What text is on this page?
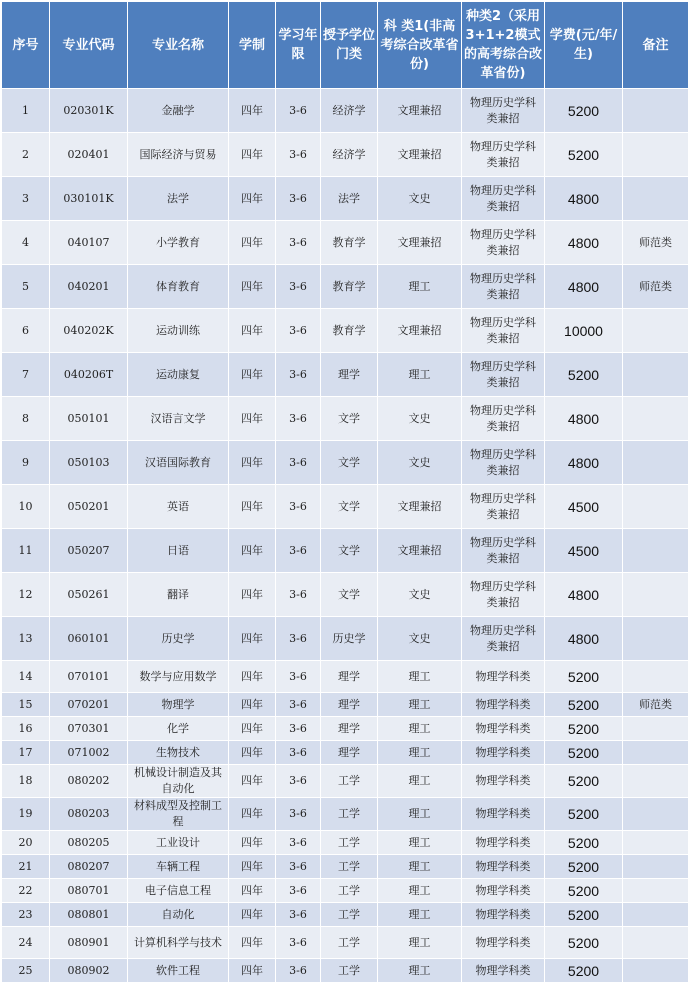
序号	专业代码	专业名称	学制	学习年限	授予学位门类	科 类1(非高考综合改革省份)	种类2（采用3+1+2模式的高考综合改革省份)	学费(元/年/生)	备注
1	020301K	金融学	四年	3-6	经济学	文理兼招	物理历史学科类兼招	5200	
2	020401	国际经济与贸易	四年	3-6	经济学	文理兼招	物理历史学科类兼招	5200	
3	030101K	法学	四年	3-6	法学	文史	物理历史学科类兼招	4800	
4	040107	小学教育	四年	3-6	教育学	文理兼招	物理历史学科类兼招	4800	师范类
5	040201	体育教育	四年	3-6	教育学	理工	物理历史学科类兼招	4800	师范类
6	040202K	运动训练	四年	3-6	教育学	文理兼招	物理历史学科类兼招	10000	
7	040206T	运动康复	四年	3-6	理学	理工	物理历史学科类兼招	5200	
8	050101	汉语言文学	四年	3-6	文学	文史	物理历史学科类兼招	4800	
9	050103	汉语国际教育	四年	3-6	文学	文史	物理历史学科类兼招	4800	
10	050201	英语	四年	3-6	文学	文理兼招	物理历史学科类兼招	4500	
11	050207	日语	四年	3-6	文学	文理兼招	物理历史学科类兼招	4500	
12	050261	翻译	四年	3-6	文学	文史	物理历史学科类兼招	4800	
13	060101	历史学	四年	3-6	历史学	文史	物理历史学科类兼招	4800	
14	070101	数学与应用数学	四年	3-6	理学	理工	物理学科类	5200	
15	070201	物理学	四年	3-6	理学	理工	物理学科类	5200	师范类
16	070301	化学	四年	3-6	理学	理工	物理学科类	5200	
17	071002	生物技术	四年	3-6	理学	理工	物理学科类	5200	
18	080202	机械设计制造及其自动化	四年	3-6	工学	理工	物理学科类	5200	
19	080203	材料成型及控制工程	四年	3-6	工学	理工	物理学科类	5200	
20	080205	工业设计	四年	3-6	工学	理工	物理学科类	5200	
21	080207	车辆工程	四年	3-6	工学	理工	物理学科类	5200	
22	080701	电子信息工程	四年	3-6	工学	理工	物理学科类	5200	
23	080801	自动化	四年	3-6	工学	理工	物理学科类	5200	
24	080901	计算机科学与技术	四年	3-6	工学	理工	物理学科类	5200	
25	080902	软件工程	四年	3-6	工学	理工	物理学科类	5200	
